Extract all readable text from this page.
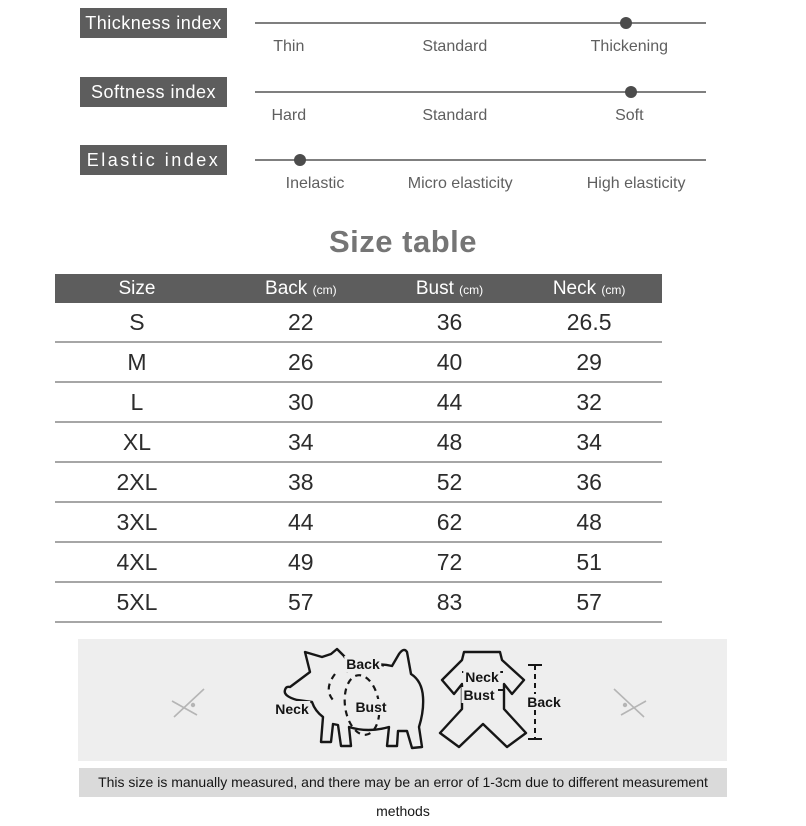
Thickness index
Thin	Standard	Thickening
Softness index
Hard	Standard	Soft
Elastic index
Inelastic	Micro elasticity	High elasticity
Size table
Size	Back (cm)	Bust (cm)	Neck (cm)
S	22	36	26.5
M	26	40	29
L	30	44	32
XL	34	48	34
2XL	38	52	36
3XL	44	62	48
4XL	49	72	51
5XL	57	83	57
Back
Neck	Bust
Neck
Bust Back
This size is manually measured, and there may be an error of 1-3cm due to different measurement methods
